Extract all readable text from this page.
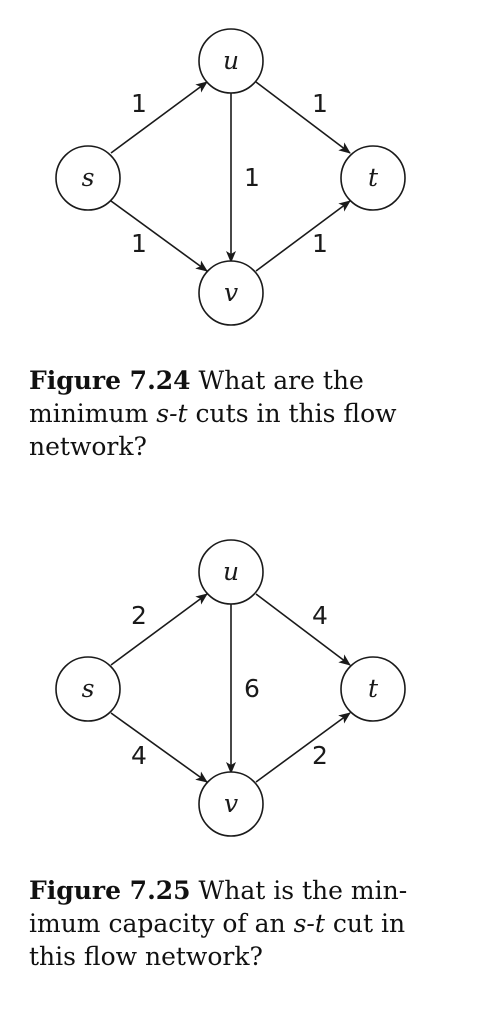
1
1
1
1
1
s
u
v
t

Figure 7.24 What are the minimum s-t cuts in this flow network?

2
4
6
4
2
s
u
v
t

Figure 7.25 What is the minimum capacity of an s-t cut in this flow network?
